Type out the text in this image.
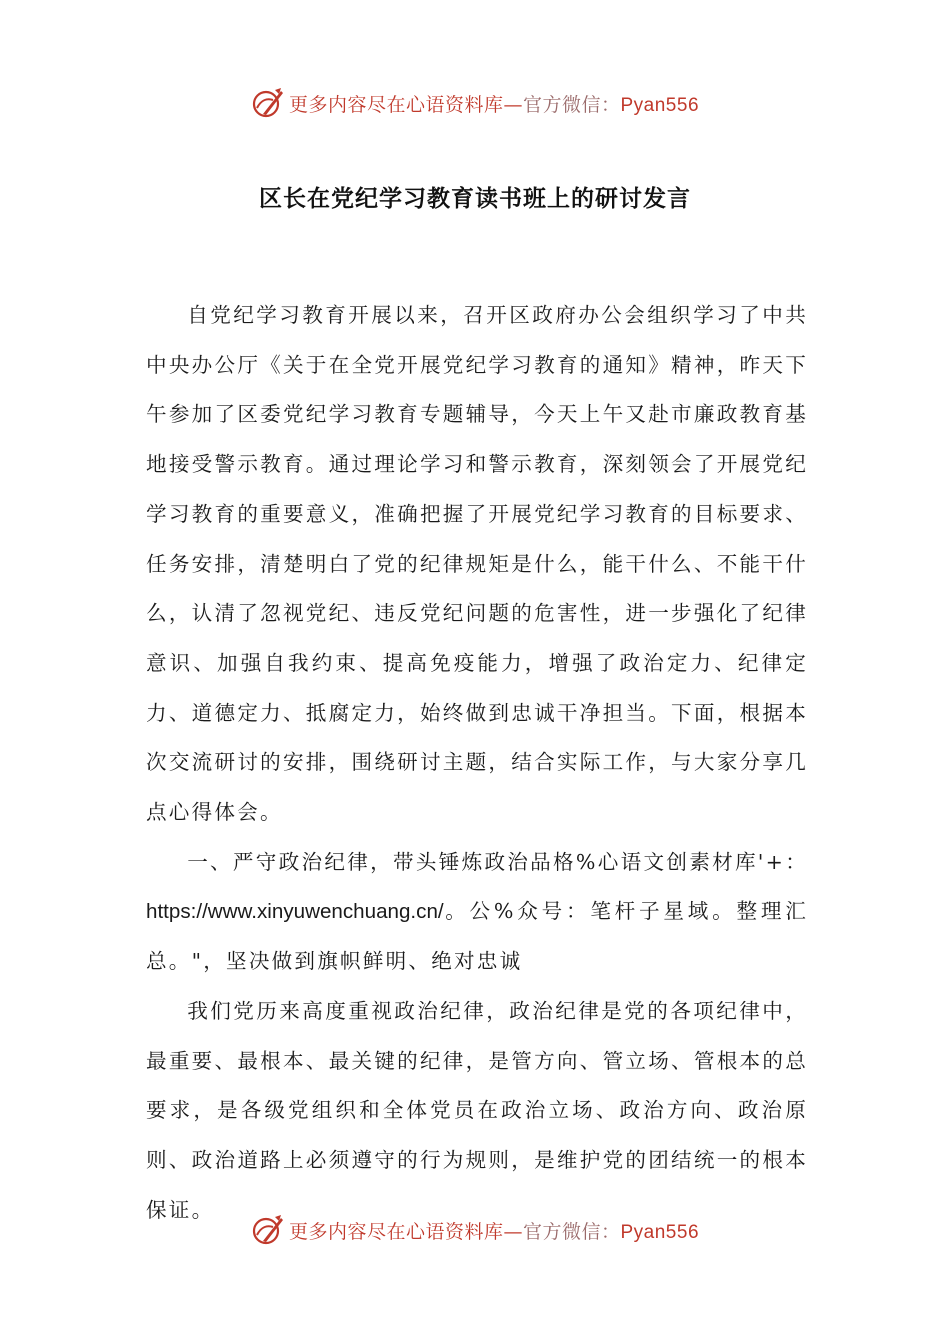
更多内容尽在心语资料库—官方微信：Pyan556
区长在党纪学习教育读书班上的研讨发言

自党纪学习教育开展以来，召开区政府办公会组织学习了中共中央办公厅《关于在全党开展党纪学习教育的通知》精神，昨天下午参加了区委党纪学习教育专题辅导，今天上午又赴市廉政教育基地接受警示教育。通过理论学习和警示教育，深刻领会了开展党纪学习教育的重要意义，准确把握了开展党纪学习教育的目标要求、任务安排，清楚明白了党的纪律规矩是什么，能干什么、不能干什么，认清了忽视党纪、违反党纪问题的危害性，进一步强化了纪律意识、加强自我约束、提高免疫能力，增强了政治定力、纪律定力、道德定力、抵腐定力，始终做到忠诚干净担当。下面，根据本次交流研讨的安排，围绕研讨主题，结合实际工作，与大家分享几点心得体会。

一、严守政治纪律，带头锤炼政治品格%心语文创素材库'+：https://www.xinyuwenchuang.cn/。公%众号：笔杆子星域。整理汇总。"，坚决做到旗帜鲜明、绝对忠诚

我们党历来高度重视政治纪律，政治纪律是党的各项纪律中，最重要、最根本、最关键的纪律，是管方向、管立场、管根本的总要求，是各级党组织和全体党员在政治立场、政治方向、政治原则、政治道路上必须遵守的行为规则，是维护党的团结统一的根本保证。

更多内容尽在心语资料库—官方微信：Pyan556
